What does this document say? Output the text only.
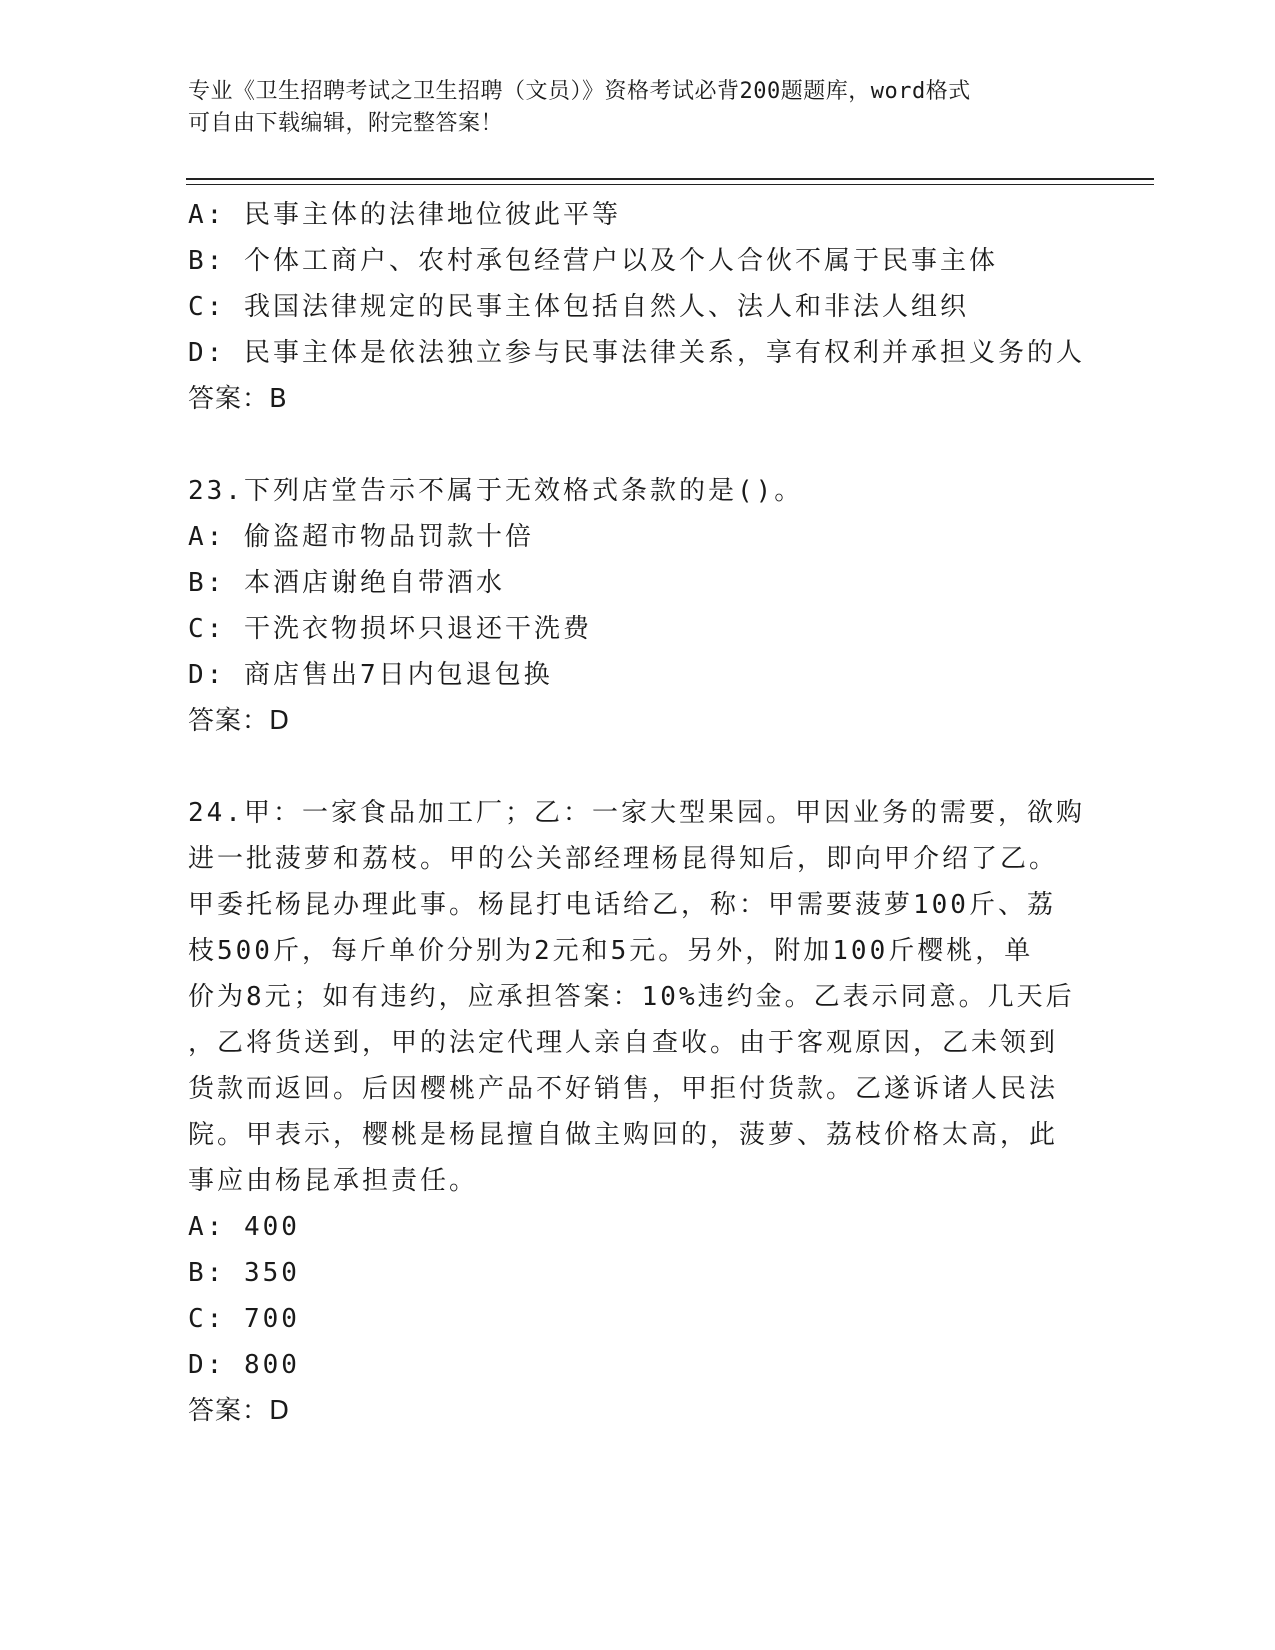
专业《卫生招聘考试之卫生招聘（文员）》资格考试必背200题题库，word格式
可自由下载编辑，附完整答案！
A: 民事主体的法律地位彼此平等
B: 个体工商户、农村承包经营户以及个人合伙不属于民事主体
C: 我国法律规定的民事主体包括自然人、法人和非法人组织
D: 民事主体是依法独立参与民事法律关系，享有权利并承担义务的人
答案：B
23.下列店堂告示不属于无效格式条款的是()。
A: 偷盗超市物品罚款十倍
B: 本酒店谢绝自带酒水
C: 干洗衣物损坏只退还干洗费
D: 商店售出7日内包退包换
答案：D
24.甲：一家食品加工厂；乙：一家大型果园。甲因业务的需要，欲购
进一批菠萝和荔枝。甲的公关部经理杨昆得知后，即向甲介绍了乙。
甲委托杨昆办理此事。杨昆打电话给乙，称：甲需要菠萝100斤、荔
枝500斤，每斤单价分别为2元和5元。另外，附加100斤樱桃，单
价为8元；如有违约，应承担答案：10%违约金。乙表示同意。几天后
，乙将货送到，甲的法定代理人亲自查收。由于客观原因，乙未领到
货款而返回。后因樱桃产品不好销售，甲拒付货款。乙遂诉诸人民法
院。甲表示，樱桃是杨昆擅自做主购回的，菠萝、荔枝价格太高，此
事应由杨昆承担责任。
A: 400
B: 350
C: 700
D: 800
答案：D
